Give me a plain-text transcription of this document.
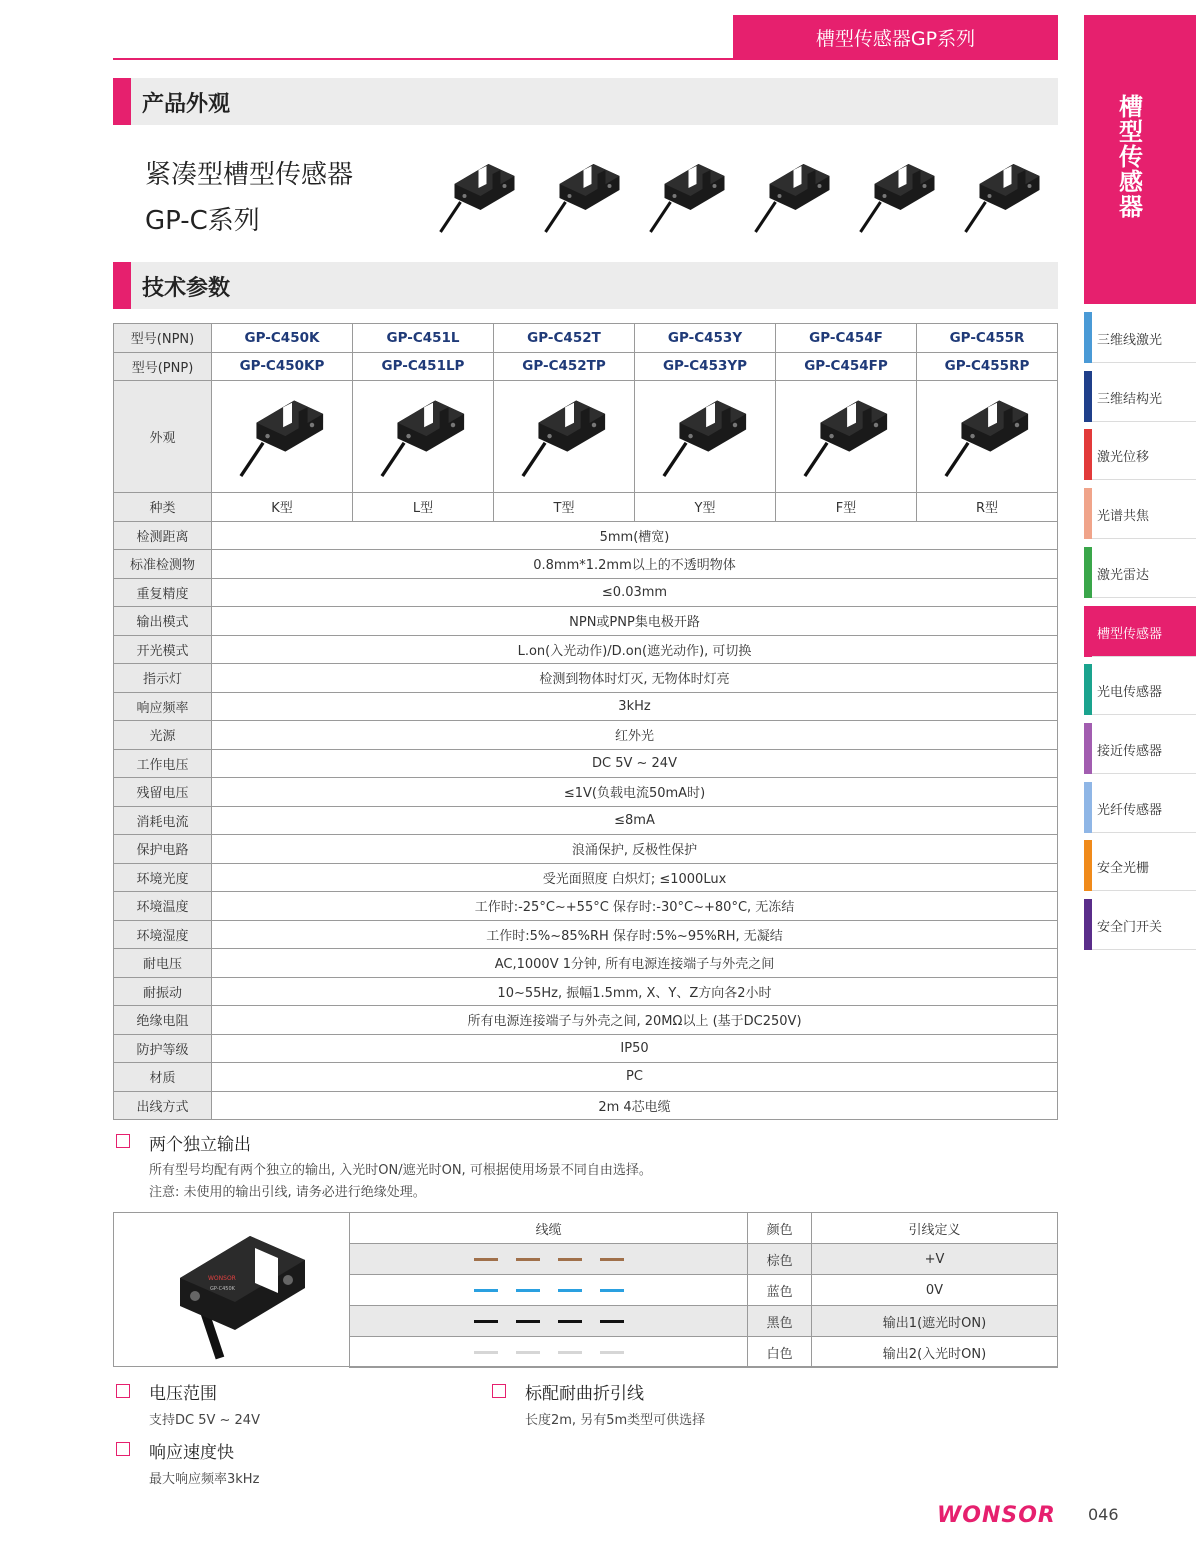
槽型传感器GP系列
产品外观
紧凑型槽型传感器
GP-C系列
技术参数
型号(NPN)	GP-C450K	GP-C451L	GP-C452T	GP-C453Y	GP-C454F	GP-C455R
型号(PNP)	GP-C450KP	GP-C451LP	GP-C452TP	GP-C453YP	GP-C454FP	GP-C455RP
外观						
种类	K型	L型	T型	Y型	F型	R型
检测距离	5mm(槽宽)					
标准检测物	0.8mm*1.2mm以上的不透明物体					
重复精度	≤0.03mm					
输出模式	NPN或PNP集电极开路					
开光模式	L.on(入光动作)/D.on(遮光动作), 可切换					
指示灯	检测到物体时灯灭, 无物体时灯亮					
响应频率	3kHz					
光源	红外光					
工作电压	DC 5V ~ 24V					
残留电压	≤1V(负载电流50mA时)					
消耗电流	≤8mA					
保护电路	浪涌保护, 反极性保护					
环境光度	受光面照度 白炽灯; ≤1000Lux					
环境温度	工作时:-25°C~+55°C 保存时:-30°C~+80°C, 无冻结					
环境湿度	工作时:5%~85%RH 保存时:5%~95%RH, 无凝结					
耐电压	AC,1000V 1分钟, 所有电源连接端子与外壳之间					
耐振动	10~55Hz, 振幅1.5mm, X、Y、Z方向各2小时					
绝缘电阻	所有电源连接端子与外壳之间, 20MΩ以上 (基于DC250V)					
防护等级	IP50					
材质	PC					
出线方式	2m 4芯电缆					
两个独立输出
所有型号均配有两个独立的输出, 入光时ON/遮光时ON, 可根据使用场景不同自由选择。
注意: 未使用的输出引线, 请务必进行绝缘处理。
WONSOR
GP-C450K
线缆	颜色	引线定义
	棕色	+V
	蓝色	0V
	黑色	输出1(遮光时ON)
	白色	输出2(入光时ON)
电压范围
支持DC 5V ~ 24V
标配耐曲折引线
长度2m, 另有5m类型可供选择
响应速度快
最大响应频率3kHz
槽型传感器
三维线激光
三维结构光
激光位移
光谱共焦
激光雷达
槽型传感器
光电传感器
接近传感器
光纤传感器
安全光栅
安全门开关
WONSOR 046
